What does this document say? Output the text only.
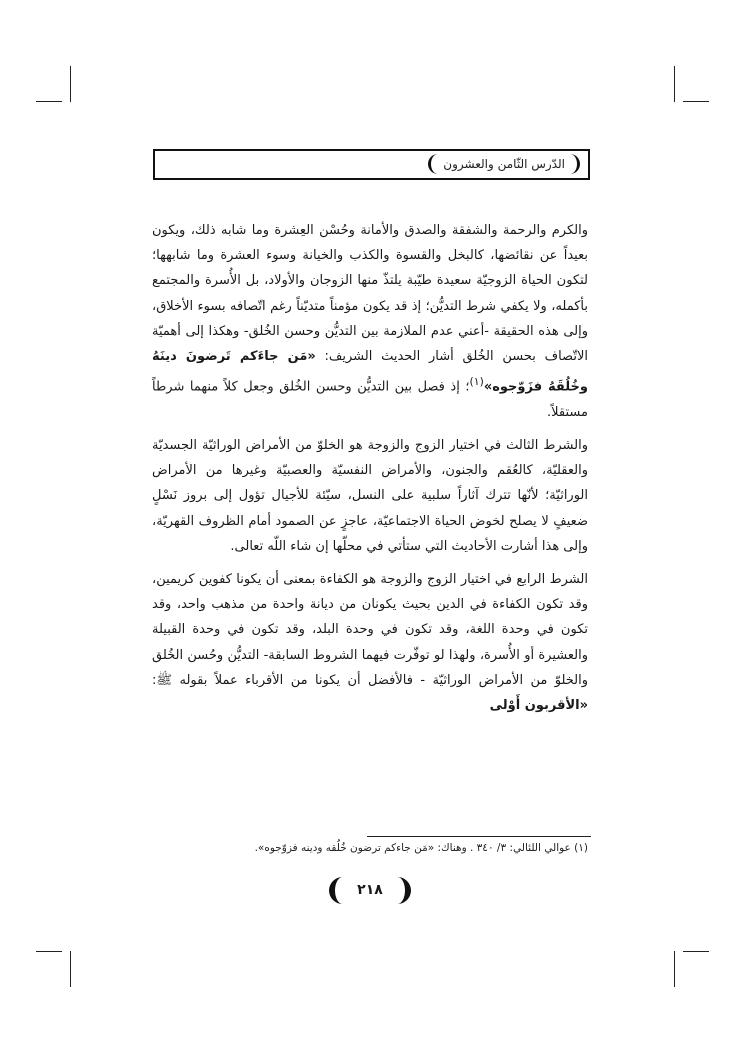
الدّرس الثّامن والعشرون

والكرم والرحمة والشفقة والصدق والأمانة وحُسْن العِشرة وما شابه ذلك، ويكون بعيداً عن نقائضها، كالبخل والقسوة والكذب والخيانة وسوء العشرة وما شابهها؛ لتكون الحياة الزوجيّة سعيدة طيّبة يلتذّ منها الزوجان والأولاد، بل الأُسرة والمجتمع بأكمله، ولا يكفي شرط التديُّن؛ إذ قد يكون مؤمناً متديّناً رغم اتّصافه بسوء الأخلاق، وإلى هذه الحقيقة -أعني عدم الملازمة بين التديُّن وحسن الخُلق- وهكذا إلى أهميّة الاتّصاف بحسن الخُلق أشار الحديث الشريف: «مَن جاءَكم تَرضونَ دينَهُ وخُلُقَهُ فزَوّجوه»$^{(١)}$؛ إذ فصل بين التديُّن وحسن الخُلق وجعل كلاً منهما شرطاً مستقلاً.

والشرط الثالث في اختيار الزوج والزوجة هو الخلوّ من الأمراض الوراثيّة الجسديّة والعقليّة، كالعُقم والجنون، والأمراض النفسيّة والعصبيّة وغيرها من الأمراض الوراثيّة؛ لأنّها تترك آثاراً سلبية على النسل، سيّئة للأجيال تؤول إلى بروز نَسْلٍ ضعيفٍ لا يصلح لخوض الحياة الاجتماعيّة، عاجزٍ عن الصمود أمام الظروف القهريّة، وإلى هذا أشارت الأحاديث التي ستأتي في محلّها إن شاء اللّه تعالى.

الشرط الرابع في اختيار الزوج والزوجة هو الكفاءة بمعنى أن يكونا كفوين كريمين، وقد تكون الكفاءة في الدين بحيث يكونان من ديانة واحدة من مذهب واحد، وقد تكون في وحدة اللغة، وقد تكون في وحدة البلد، وقد تكون في وحدة القبيلة والعشيرة أو الأُسرة، ولهذا لو توفّرت فيهما الشروط السابقة- التديُّن وحُسن الخُلق والخلوّ من الأمراض الوراثيّة - فالأفضل أن يكونا من الأقرباء عملاً بقوله ﷺ: «الأقربون أَوْلى

(١) عوالي اللئالي: ٣/ ٣٤٠ . وهناك: «مَن جاءكم ترضون خُلُقه ودينه فزوّجوه».
٢١٨
